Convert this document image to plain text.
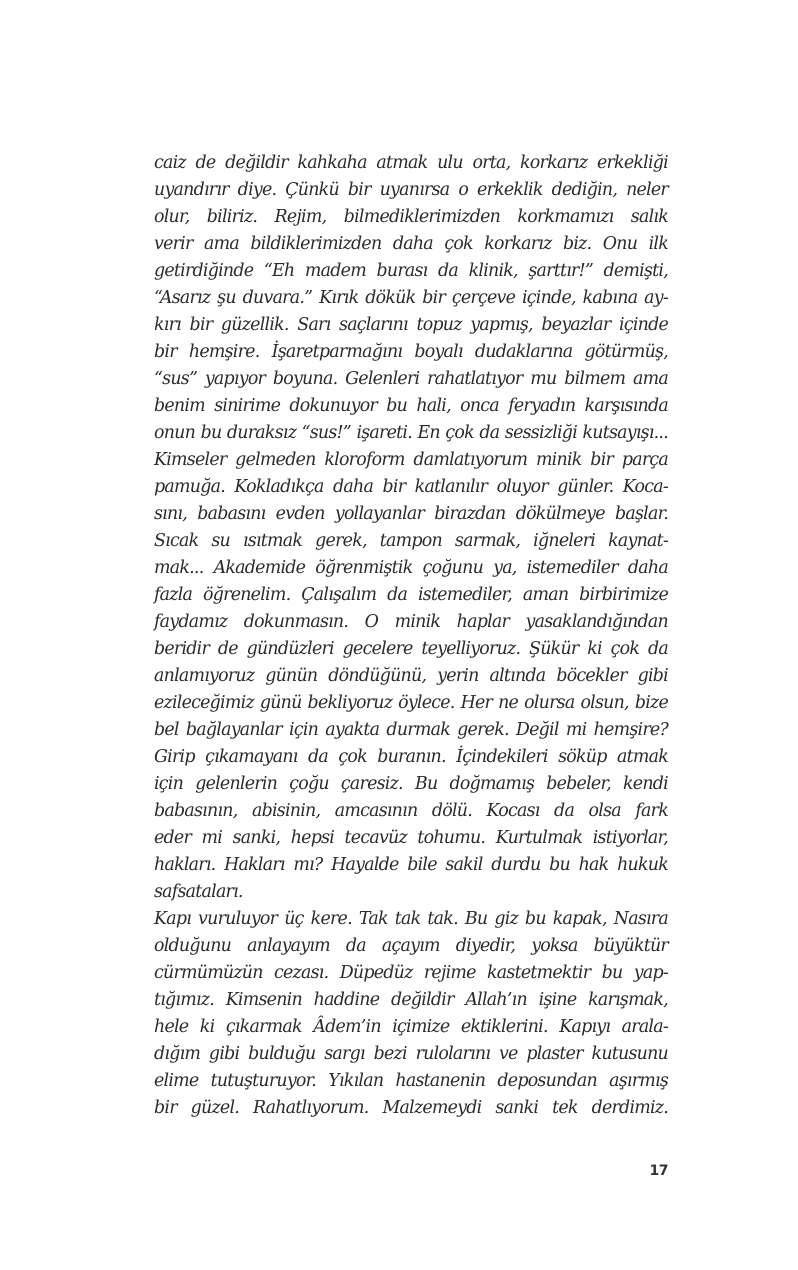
caiz de değildir kahkaha atmak ulu orta, korkarız erkekliği
uyandırır diye. Çünkü bir uyanırsa o erkeklik dediğin, neler
olur, biliriz. Rejim, bilmediklerimizden korkmamızı salık
verir ama bildiklerimizden daha çok korkarız biz. Onu ilk
getirdiğinde “Eh madem burası da klinik, şarttır!” demişti,
“Asarız şu duvara.” Kırık dökük bir çerçeve içinde, kabına ay-
kırı bir güzellik. Sarı saçlarını topuz yapmış, beyazlar içinde
bir hemşire. İşaretparmağını boyalı dudaklarına götürmüş,
“sus” yapıyor boyuna. Gelenleri rahatlatıyor mu bilmem ama
benim sinirime dokunuyor bu hali, onca feryadın karşısında
onun bu duraksız “sus!” işareti. En çok da sessizliği kutsayışı...
Kimseler gelmeden kloroform damlatıyorum minik bir parça
pamuğa. Kokladıkça daha bir katlanılır oluyor günler. Koca-
sını, babasını evden yollayanlar birazdan dökülmeye başlar.
Sıcak su ısıtmak gerek, tampon sarmak, iğneleri kaynat-
mak... Akademide öğrenmiştik çoğunu ya, istemediler daha
fazla öğrenelim. Çalışalım da istemediler, aman birbirimize
faydamız dokunmasın. O minik haplar yasaklandığından
beridir de gündüzleri gecelere teyelliyoruz. Şükür ki çok da
anlamıyoruz günün döndüğünü, yerin altında böcekler gibi
ezileceğimiz günü bekliyoruz öylece. Her ne olursa olsun, bize
bel bağlayanlar için ayakta durmak gerek. Değil mi hemşire?
Girip çıkamayanı da çok buranın. İçindekileri söküp atmak
için gelenlerin çoğu çaresiz. Bu doğmamış bebeler, kendi
babasının, abisinin, amcasının dölü. Kocası da olsa fark
eder mi sanki, hepsi tecavüz tohumu. Kurtulmak istiyorlar,
hakları. Hakları mı? Hayalde bile sakil durdu bu hak hukuk
safsataları.
Kapı vuruluyor üç kere. Tak tak tak. Bu giz bu kapak, Nasıra
olduğunu anlayayım da açayım diyedir, yoksa büyüktür
cürmümüzün cezası. Düpedüz rejime kastetmektir bu yap-
tığımız. Kimsenin haddine değildir Allah’ın işine karışmak,
hele ki çıkarmak Âdem’in içimize ektiklerini. Kapıyı arala-
dığım gibi bulduğu sargı bezi rulolarını ve plaster kutusunu
elime tutuşturuyor. Yıkılan hastanenin deposundan aşırmış
bir güzel. Rahatlıyorum. Malzemeydi sanki tek derdimiz.
17
